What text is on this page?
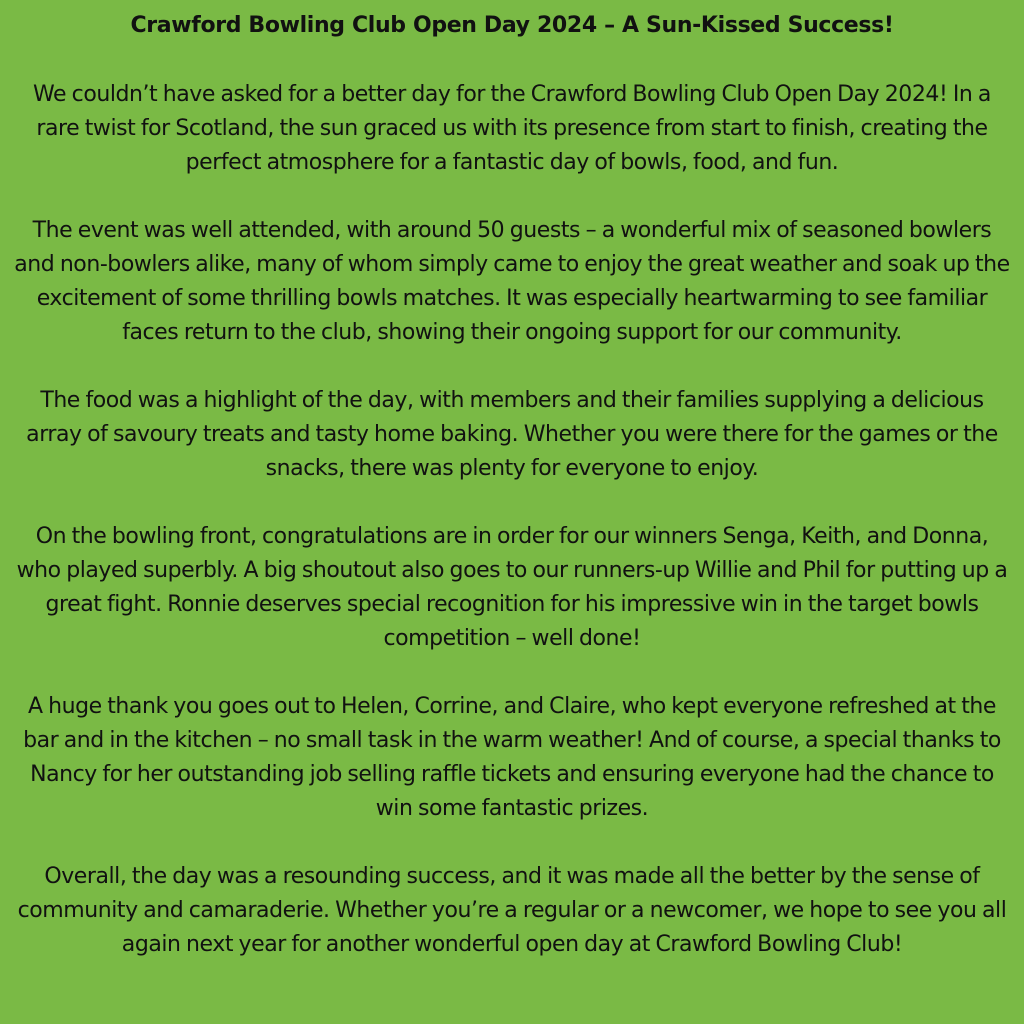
Crawford Bowling Club Open Day 2024 – A Sun-Kissed Success!

We couldn’t have asked for a better day for the Crawford Bowling Club Open Day 2024! In a rare twist for Scotland, the sun graced us with its presence from start to finish, creating the perfect atmosphere for a fantastic day of bowls, food, and fun.

The event was well attended, with around 50 guests – a wonderful mix of seasoned bowlers and non-bowlers alike, many of whom simply came to enjoy the great weather and soak up the excitement of some thrilling bowls matches. It was especially heartwarming to see familiar faces return to the club, showing their ongoing support for our community.

The food was a highlight of the day, with members and their families supplying a delicious array of savoury treats and tasty home baking. Whether you were there for the games or the snacks, there was plenty for everyone to enjoy.

On the bowling front, congratulations are in order for our winners Senga, Keith, and Donna, who played superbly. A big shoutout also goes to our runners-up Willie and Phil for putting up a great fight. Ronnie deserves special recognition for his impressive win in the target bowls competition – well done!

A huge thank you goes out to Helen, Corrine, and Claire, who kept everyone refreshed at the bar and in the kitchen – no small task in the warm weather! And of course, a special thanks to Nancy for her outstanding job selling raffle tickets and ensuring everyone had the chance to win some fantastic prizes.

Overall, the day was a resounding success, and it was made all the better by the sense of community and camaraderie. Whether you’re a regular or a newcomer, we hope to see you all again next year for another wonderful open day at Crawford Bowling Club!
